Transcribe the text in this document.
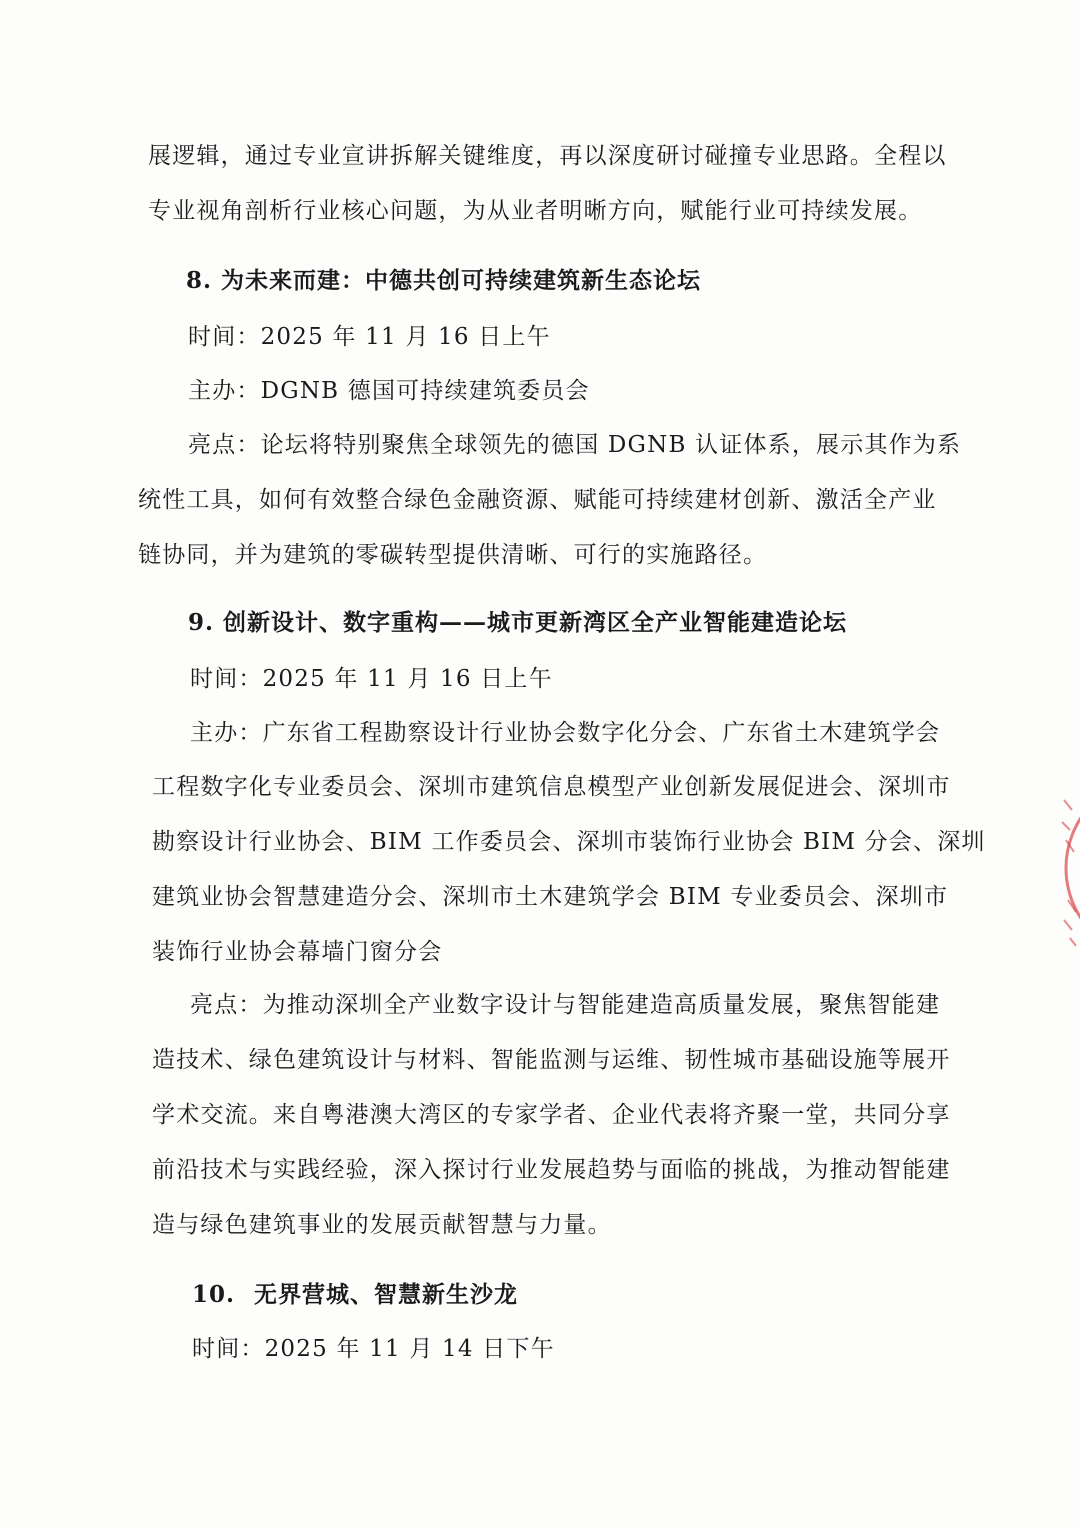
展逻辑，通过专业宣讲拆解关键维度，再以深度研讨碰撞专业思路。全程以

专业视角剖析行业核心问题，为从业者明晰方向，赋能行业可持续发展。

8. 为未来而建：中德共创可持续建筑新生态论坛

时间：2025 年 11 月 16 日上午

主办：DGNB 德国可持续建筑委员会

亮点：论坛将特别聚焦全球领先的德国 DGNB 认证体系，展示其作为系

统性工具，如何有效整合绿色金融资源、赋能可持续建材创新、激活全产业

链协同，并为建筑的零碳转型提供清晰、可行的实施路径。

9. 创新设计、数字重构——城市更新湾区全产业智能建造论坛

时间：2025 年 11 月 16 日上午

主办：广东省工程勘察设计行业协会数字化分会、广东省土木建筑学会

工程数字化专业委员会、深圳市建筑信息模型产业创新发展促进会、深圳市

勘察设计行业协会、BIM 工作委员会、深圳市装饰行业协会 BIM 分会、深圳

建筑业协会智慧建造分会、深圳市土木建筑学会 BIM 专业委员会、深圳市

装饰行业协会幕墙门窗分会

亮点：为推动深圳全产业数字设计与智能建造高质量发展，聚焦智能建

造技术、绿色建筑设计与材料、智能监测与运维、韧性城市基础设施等展开

学术交流。来自粤港澳大湾区的专家学者、企业代表将齐聚一堂，共同分享

前沿技术与实践经验，深入探讨行业发展趋势与面临的挑战，为推动智能建

造与绿色建筑事业的发展贡献智慧与力量。

10. 无界营城、智慧新生沙龙

时间：2025 年 11 月 14 日下午
